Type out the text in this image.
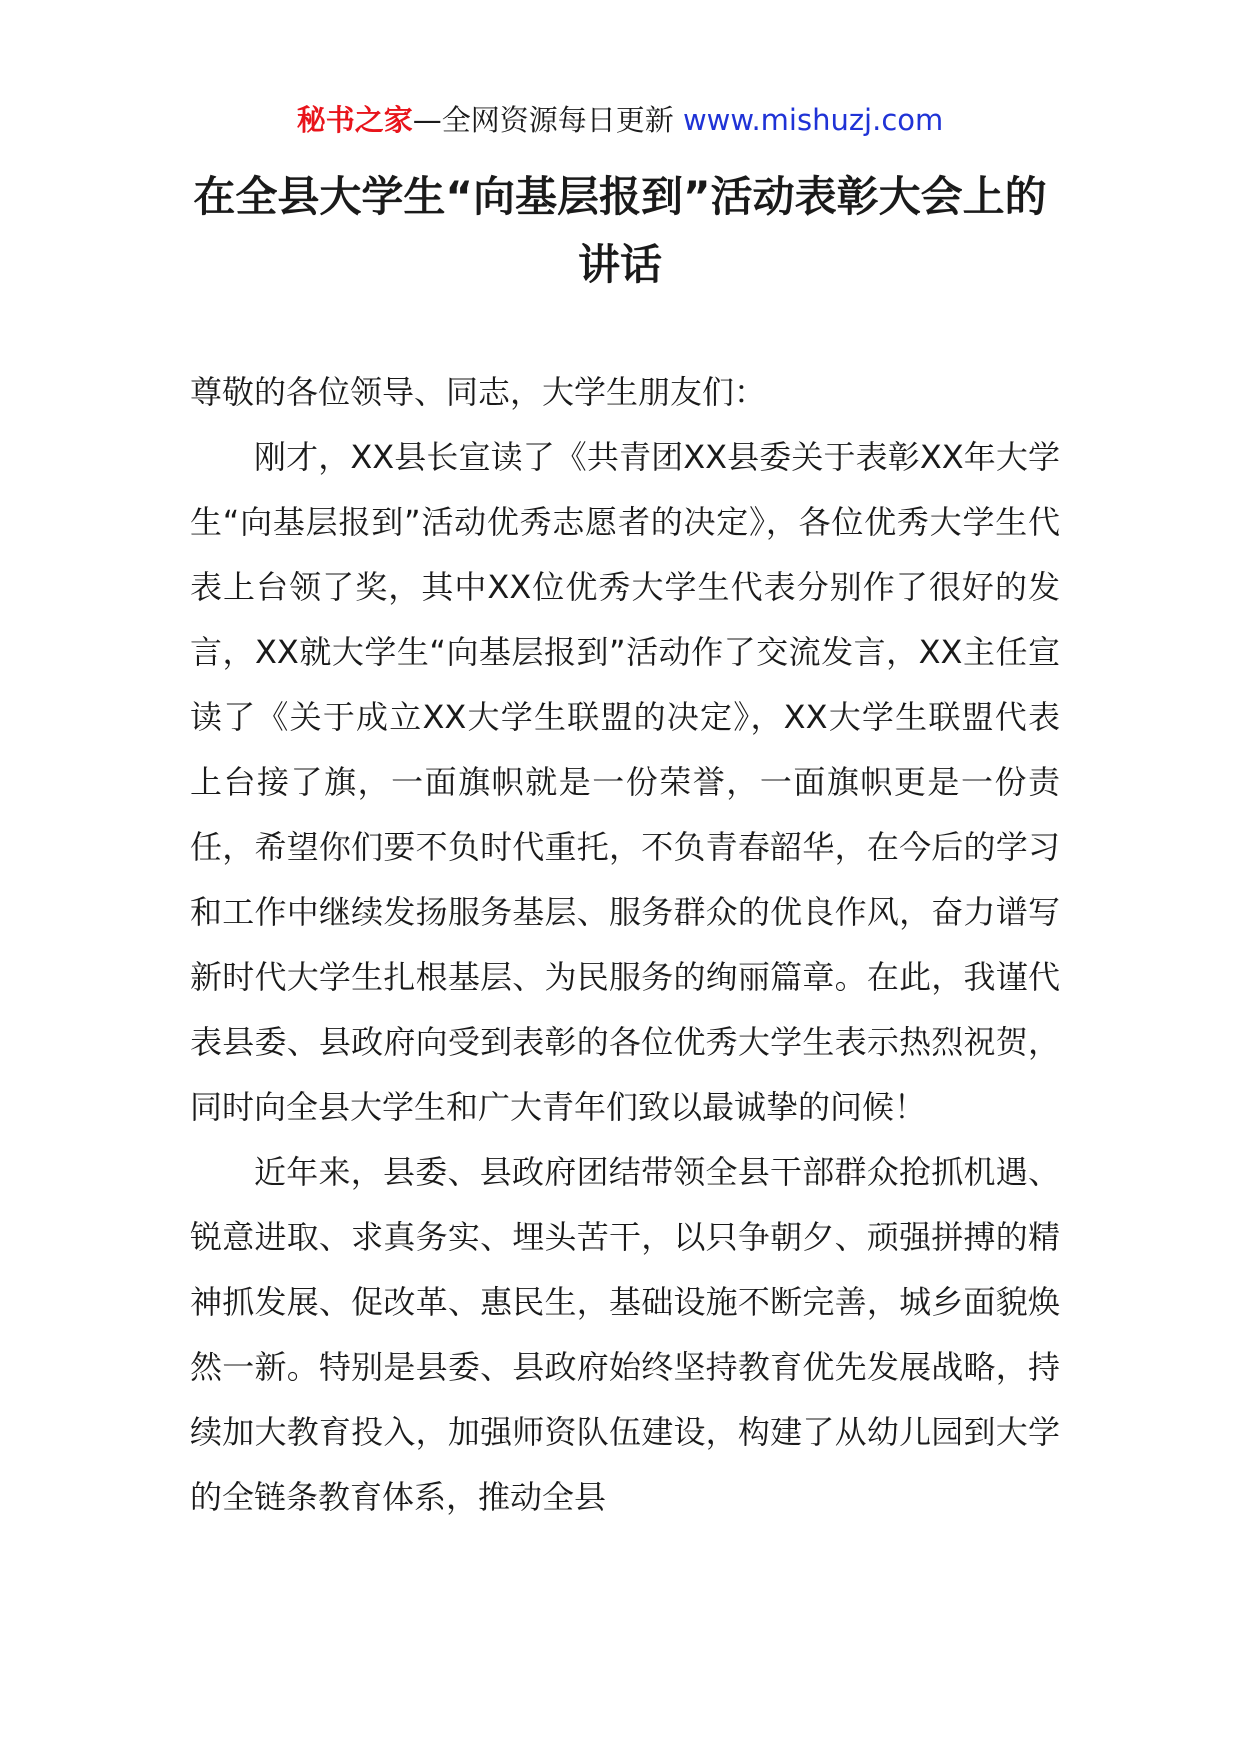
秘书之家—全网资源每日更新 www.mishuzj.com
在全县大学生“向基层报到”活动表彰大会上的讲话

尊敬的各位领导、同志，大学生朋友们：

刚才，XX县长宣读了《共青团XX县委关于表彰XX年大学生“向基层报到”活动优秀志愿者的决定》，各位优秀大学生代表上台领了奖，其中XX位优秀大学生代表分别作了很好的发言，XX就大学生“向基层报到”活动作了交流发言，XX主任宣读了《关于成立XX大学生联盟的决定》，XX大学生联盟代表上台接了旗，一面旗帜就是一份荣誉，一面旗帜更是一份责任，希望你们要不负时代重托，不负青春韶华，在今后的学习和工作中继续发扬服务基层、服务群众的优良作风，奋力谱写新时代大学生扎根基层、为民服务的绚丽篇章。在此，我谨代表县委、县政府向受到表彰的各位优秀大学生表示热烈祝贺，同时向全县大学生和广大青年们致以最诚挚的问候！

近年来，县委、县政府团结带领全县干部群众抢抓机遇、锐意进取、求真务实、埋头苦干，以只争朝夕、顽强拼搏的精神抓发展、促改革、惠民生，基础设施不断完善，城乡面貌焕然一新。特别是县委、县政府始终坚持教育优先发展战略，持续加大教育投入，加强师资队伍建设，构建了从幼儿园到大学的全链条教育体系，推动全县
